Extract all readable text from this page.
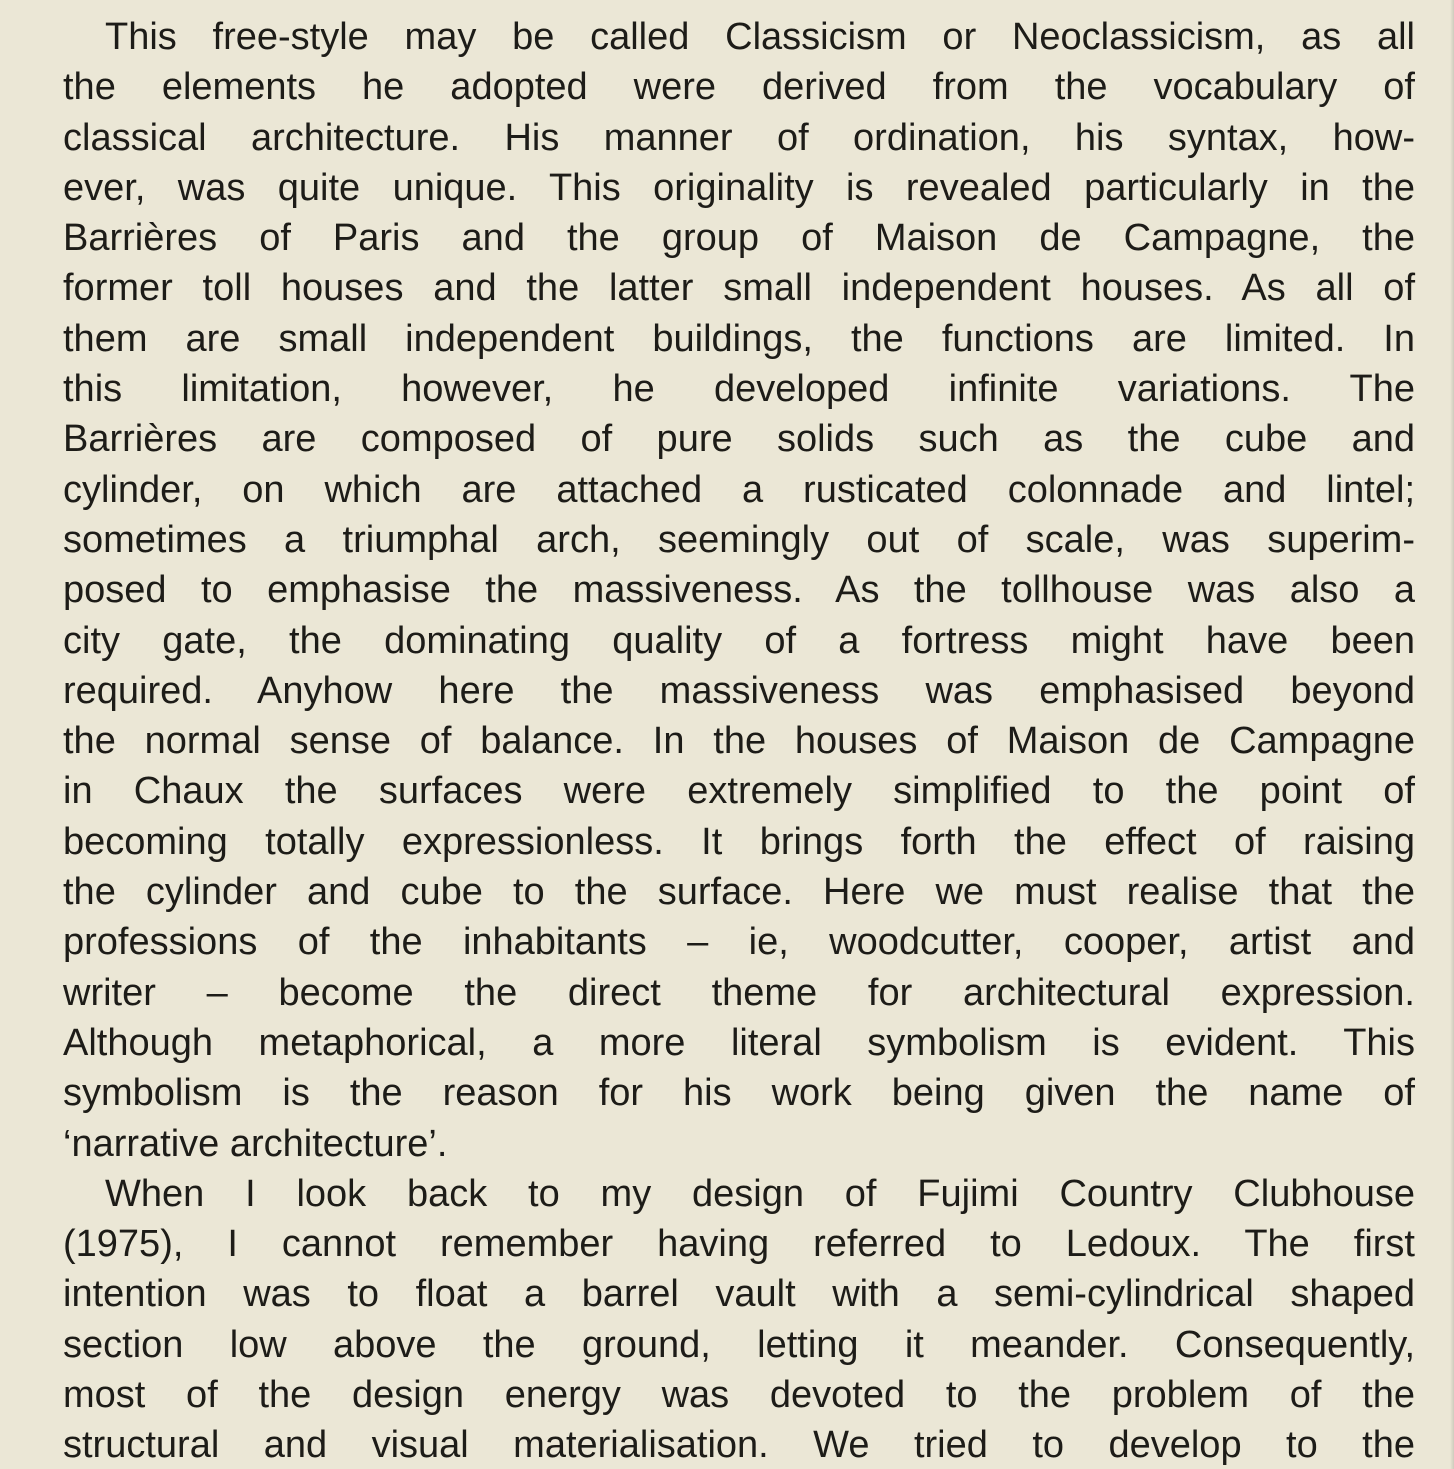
This free-style may be called Classicism or Neoclassicism, as all
the elements he adopted were derived from the vocabulary of
classical architecture. His manner of ordination, his syntax, how-
ever, was quite unique. This originality is revealed particularly in the
Barrières of Paris and the group of Maison de Campagne, the
former toll houses and the latter small independent houses. As all of
them are small independent buildings, the functions are limited. In
this limitation, however, he developed infinite variations. The
Barrières are composed of pure solids such as the cube and
cylinder, on which are attached a rusticated colonnade and lintel;
sometimes a triumphal arch, seemingly out of scale, was superim-
posed to emphasise the massiveness. As the tollhouse was also a
city gate, the dominating quality of a fortress might have been
required. Anyhow here the massiveness was emphasised beyond
the normal sense of balance. In the houses of Maison de Campagne
in Chaux the surfaces were extremely simplified to the point of
becoming totally expressionless. It brings forth the effect of raising
the cylinder and cube to the surface. Here we must realise that the
professions of the inhabitants – ie, woodcutter, cooper, artist and
writer – become the direct theme for architectural expression.
Although metaphorical, a more literal symbolism is evident. This
symbolism is the reason for his work being given the name of
‘narrative architecture’.
When I look back to my design of Fujimi Country Clubhouse
(1975), I cannot remember having referred to Ledoux. The first
intention was to float a barrel vault with a semi-cylindrical shaped
section low above the ground, letting it meander. Consequently,
most of the design energy was devoted to the problem of the
structural and visual materialisation. We tried to develop to the
